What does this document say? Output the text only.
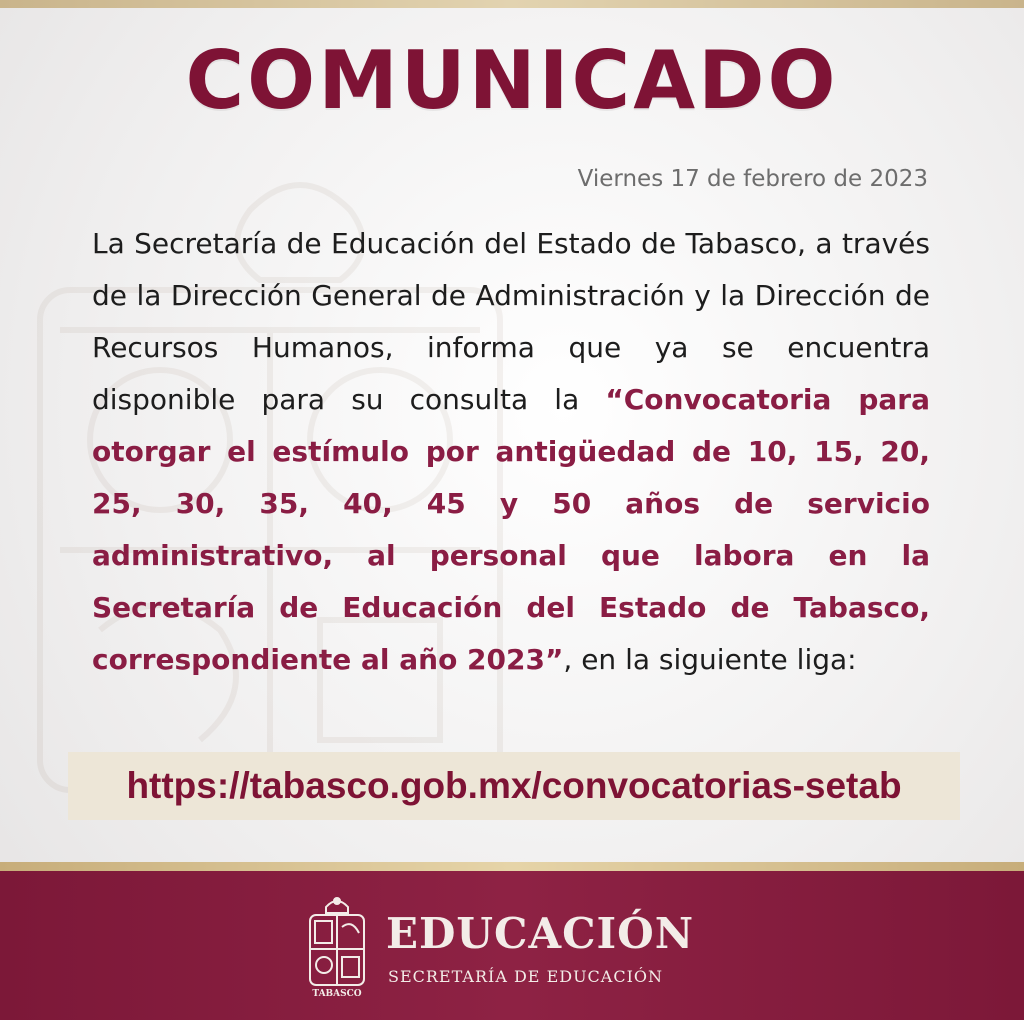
COMUNICADO
Viernes 17 de febrero de 2023
La Secretaría de Educación del Estado de Tabasco, a través de la Dirección General de Administración y la Dirección de Recursos Humanos, informa que ya se encuentra disponible para su consulta la “Convocatoria para otorgar el estímulo por antigüedad de 10, 15, 20, 25, 30, 35, 40, 45 y 50 años de servicio administrativo, al personal que labora en la Secretaría de Educación del Estado de Tabasco, correspondiente al año 2023”, en la siguiente liga:
https://tabasco.gob.mx/convocatorias-setab
TABASCO
EDUCACIÓN
SECRETARÍA DE EDUCACIÓN
